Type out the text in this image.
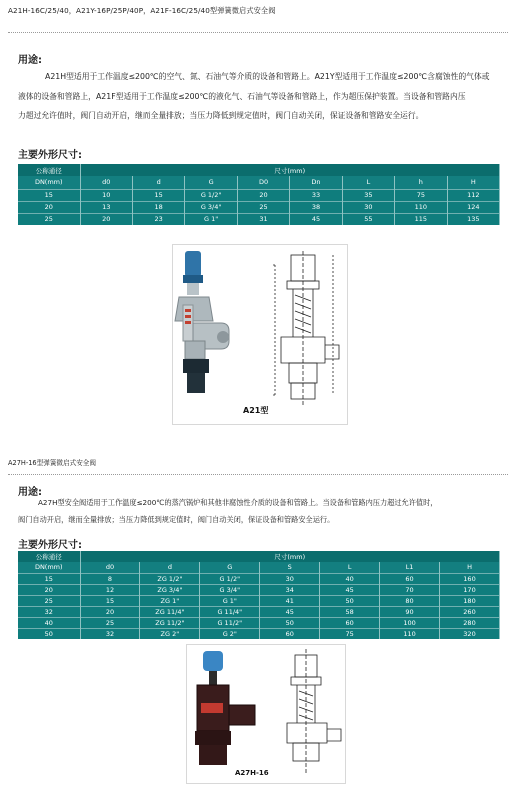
A21H-16C/25/40，A21Y-16P/25P/40P，A21F-16C/25/40型弹簧微启式安全阀
用途:
A21H型适用于工作温度≤200℃的空气、氮、石油气等介质的设备和管路上。A21Y型适用于工作温度≤200℃含腐蚀性的气体或
液体的设备和管路上，A21F型适用于工作温度≤200℃的液化气、石油气等设备和管路上，作为超压保护装置。当设备和管路内压
力超过允许值时，阀门自动开启，继而全量排放；当压力降低到规定值时，阀门自动关闭，保证设备和管路安全运行。
主要外形尺寸:
公称通径	尺寸(mm)							
DN(mm)	d0	d	G	D0	Dn	L	h	H
15	10	15	G 1/2"	20	33	35	75	112
20	13	18	G 3/4"	25	38	30	110	124
25	20	23	G 1"	31	45	55	115	135
A21型
A27H-16型弹簧微启式安全阀
用途:
A27H型安全阀适用于工作温度≤200℃的蒸汽锅炉和其他非腐蚀性介质的设备和管路上。当设备和管路内压力超过允许值时，
阀门自动开启，继而全量排放；当压力降低到规定值时，阀门自动关闭，保证设备和管路安全运行。
主要外形尺寸:
公称通径	尺寸(mm)						
DN(mm)	d0	d	G	S	L	L1	H
15	8	ZG 1/2"	G 1/2"	30	40	60	160
20	12	ZG 3/4"	G 3/4"	34	45	70	170
25	15	ZG 1"	G 1"	41	50	80	180
32	20	ZG 11/4"	G 11/4"	45	58	90	260
40	25	ZG 11/2"	G 11/2"	50	60	100	280
50	32	ZG 2"	G 2"	60	75	110	320
A27H-16
